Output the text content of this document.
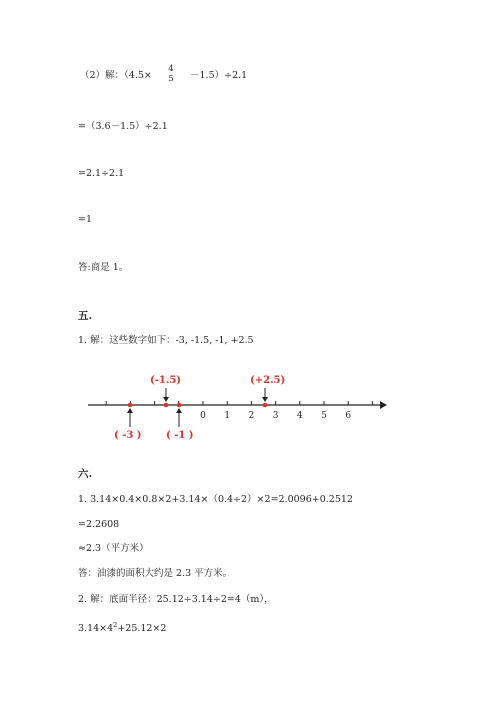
（2）解：（4.5×
4
5 －1.5）÷2.1
=（3.6－1.5）÷2.1
=2.1÷2.1
=1
答:商是 1。
五.
1. 解：这些数字如下：-3, -1.5, -1, +2.5
0 1 2 3 4 5 6
(-1.5)	(+2.5)
( -3 ) ( -1 )
六.
1. 3.14×0.4×0.8×2+3.14×（0.4÷2）×2=2.0096+0.2512
=2.2608
≈2.3（平方米）
答：油漆的面积大约是 2.3 平方米。
2. 解：底面半径：25.12÷3.14÷2=4（m），
$3.14\times 4^2+25.12\times 2$
